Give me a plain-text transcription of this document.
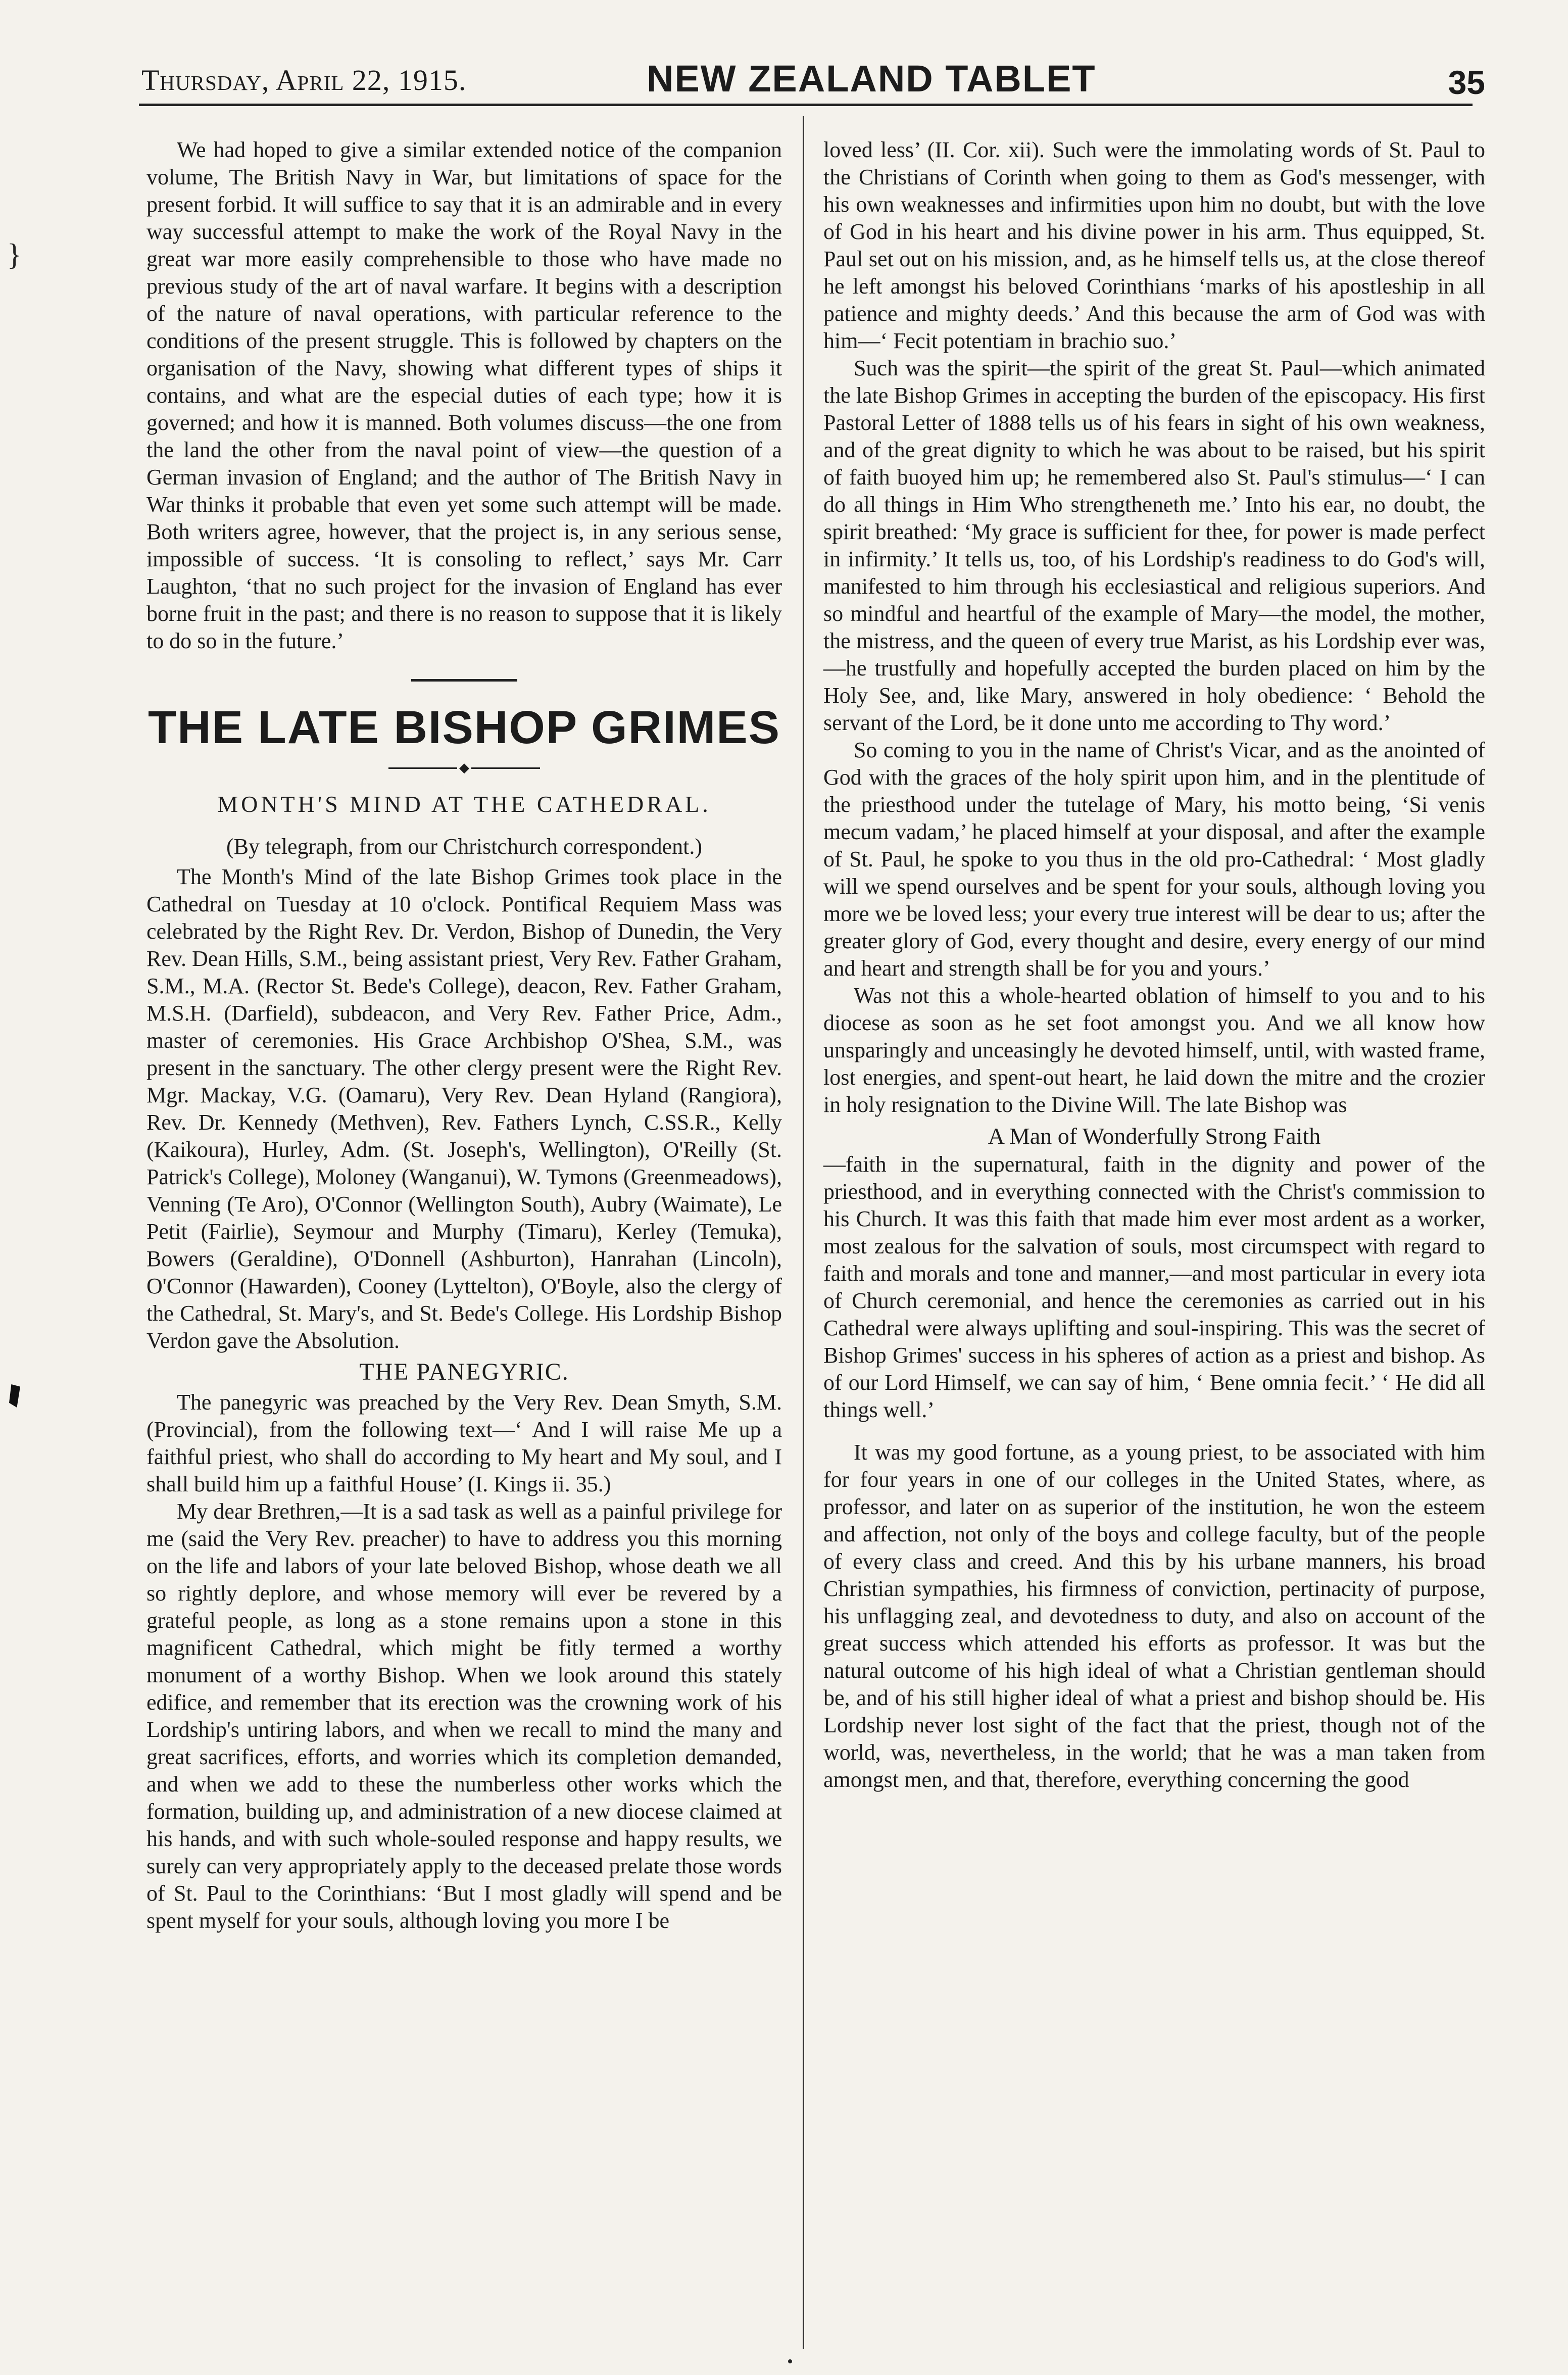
}
Thursday, April 22, 1915.	NEW ZEALAND TABLET	35

We had hoped to give a similar extended notice of the companion volume, The British Navy in War, but limitations of space for the present forbid. It will suffice to say that it is an admirable and in every way successful attempt to make the work of the Royal Navy in the great war more easily comprehensible to those who have made no previous study of the art of naval warfare. It begins with a description of the nature of naval operations, with particular reference to the conditions of the present struggle. This is followed by chapters on the organisation of the Navy, showing what different types of ships it contains, and what are the especial duties of each type; how it is governed; and how it is manned. Both volumes discuss—the one from the land the other from the naval point of view—the question of a German invasion of England; and the author of The British Navy in War thinks it probable that even yet some such attempt will be made. Both writers agree, however, that the project is, in any serious sense, impossible of success. ‘It is consoling to reflect,’ says Mr. Carr Laughton, ‘that no such project for the invasion of England has ever borne fruit in the past; and there is no reason to suppose that it is likely to do so in the future.’

THE LATE BISHOP GRIMES
◆
MONTH'S MIND AT THE CATHEDRAL.

(By telegraph, from our Christchurch correspondent.)

The Month's Mind of the late Bishop Grimes took place in the Cathedral on Tuesday at 10 o'clock. Pontifical Requiem Mass was celebrated by the Right Rev. Dr. Verdon, Bishop of Dunedin, the Very Rev. Dean Hills, S.M., being assistant priest, Very Rev. Father Graham, S.M., M.A. (Rector St. Bede's College), deacon, Rev. Father Graham, M.S.H. (Darfield), subdeacon, and Very Rev. Father Price, Adm., master of ceremonies. His Grace Archbishop O'Shea, S.M., was present in the sanctuary. The other clergy present were the Right Rev. Mgr. Mackay, V.G. (Oamaru), Very Rev. Dean Hyland (Rangiora), Rev. Dr. Kennedy (Methven), Rev. Fathers Lynch, C.SS.R., Kelly (Kaikoura), Hurley, Adm. (St. Joseph's, Wellington), O'Reilly (St. Patrick's College), Moloney (Wanganui), W. Tymons (Greenmeadows), Venning (Te Aro), O'Connor (Wellington South), Aubry (Waimate), Le Petit (Fairlie), Seymour and Murphy (Timaru), Kerley (Temuka), Bowers (Geraldine), O'Donnell (Ashburton), Hanrahan (Lincoln), O'Connor (Hawarden), Cooney (Lyttelton), O'Boyle, also the clergy of the Cathedral, St. Mary's, and St. Bede's College. His Lordship Bishop Verdon gave the Absolution.

THE PANEGYRIC.

The panegyric was preached by the Very Rev. Dean Smyth, S.M. (Provincial), from the following text—‘ And I will raise Me up a faithful priest, who shall do according to My heart and My soul, and I shall build him up a faithful House’ (I. Kings ii. 35.)

My dear Brethren,—It is a sad task as well as a painful privilege for me (said the Very Rev. preacher) to have to address you this morning on the life and labors of your late beloved Bishop, whose death we all so rightly deplore, and whose memory will ever be revered by a grateful people, as long as a stone remains upon a stone in this magnificent Cathedral, which might be fitly termed a worthy monument of a worthy Bishop. When we look around this stately edifice, and remember that its erection was the crowning work of his Lordship's untiring labors, and when we recall to mind the many and great sacrifices, efforts, and worries which its completion demanded, and when we add to these the numberless other works which the formation, building up, and administration of a new diocese claimed at his hands, and with such whole-souled response and happy results, we surely can very appropriately apply to the deceased prelate those words of St. Paul to the Corinthians: ‘But I most gladly will spend and be spent myself for your souls, although loving you more I be

loved less’ (II. Cor. xii). Such were the immolating words of St. Paul to the Christians of Corinth when going to them as God's messenger, with his own weaknesses and infirmities upon him no doubt, but with the love of God in his heart and his divine power in his arm. Thus equipped, St. Paul set out on his mission, and, as he himself tells us, at the close thereof he left amongst his beloved Corinthians ‘marks of his apostleship in all patience and mighty deeds.’ And this because the arm of God was with him—‘ Fecit potentiam in brachio suo.’

Such was the spirit—the spirit of the great St. Paul—which animated the late Bishop Grimes in accepting the burden of the episcopacy. His first Pastoral Letter of 1888 tells us of his fears in sight of his own weakness, and of the great dignity to which he was about to be raised, but his spirit of faith buoyed him up; he remembered also St. Paul's stimulus—‘ I can do all things in Him Who strengtheneth me.’ Into his ear, no doubt, the spirit breathed: ‘My grace is sufficient for thee, for power is made perfect in infirmity.’ It tells us, too, of his Lordship's readiness to do God's will, manifested to him through his ecclesiastical and religious superiors. And so mindful and heartful of the example of Mary—the model, the mother, the mistress, and the queen of every true Marist, as his Lordship ever was,—he trustfully and hopefully accepted the burden placed on him by the Holy See, and, like Mary, answered in holy obedience: ‘ Behold the servant of the Lord, be it done unto me according to Thy word.’

So coming to you in the name of Christ's Vicar, and as the anointed of God with the graces of the holy spirit upon him, and in the plentitude of the priesthood under the tutelage of Mary, his motto being, ‘Si venis mecum vadam,’ he placed himself at your disposal, and after the example of St. Paul, he spoke to you thus in the old pro-Cathedral: ‘ Most gladly will we spend ourselves and be spent for your souls, although loving you more we be loved less; your every true interest will be dear to us; after the greater glory of God, every thought and desire, every energy of our mind and heart and strength shall be for you and yours.’

Was not this a whole-hearted oblation of himself to you and to his diocese as soon as he set foot amongst you. And we all know how unsparingly and unceasingly he devoted himself, until, with wasted frame, lost energies, and spent-out heart, he laid down the mitre and the crozier in holy resignation to the Divine Will. The late Bishop was

A Man of Wonderfully Strong Faith

—faith in the supernatural, faith in the dignity and power of the priesthood, and in everything connected with the Christ's commission to his Church. It was this faith that made him ever most ardent as a worker, most zealous for the salvation of souls, most circumspect with regard to faith and morals and tone and manner,—and most particular in every iota of Church ceremonial, and hence the ceremonies as carried out in his Cathedral were always uplifting and soul-inspiring. This was the secret of Bishop Grimes' success in his spheres of action as a priest and bishop. As of our Lord Himself, we can say of him, ‘ Bene omnia fecit.’ ‘ He did all things well.’

It was my good fortune, as a young priest, to be associated with him for four years in one of our colleges in the United States, where, as professor, and later on as superior of the institution, he won the esteem and affection, not only of the boys and college faculty, but of the people of every class and creed. And this by his urbane manners, his broad Christian sympathies, his firmness of conviction, pertinacity of purpose, his unflagging zeal, and devotedness to duty, and also on account of the great success which attended his efforts as professor. It was but the natural outcome of his high ideal of what a Christian gentleman should be, and of his still higher ideal of what a priest and bishop should be. His Lordship never lost sight of the fact that the priest, though not of the world, was, nevertheless, in the world; that he was a man taken from amongst men, and that, therefore, everything concerning the good
